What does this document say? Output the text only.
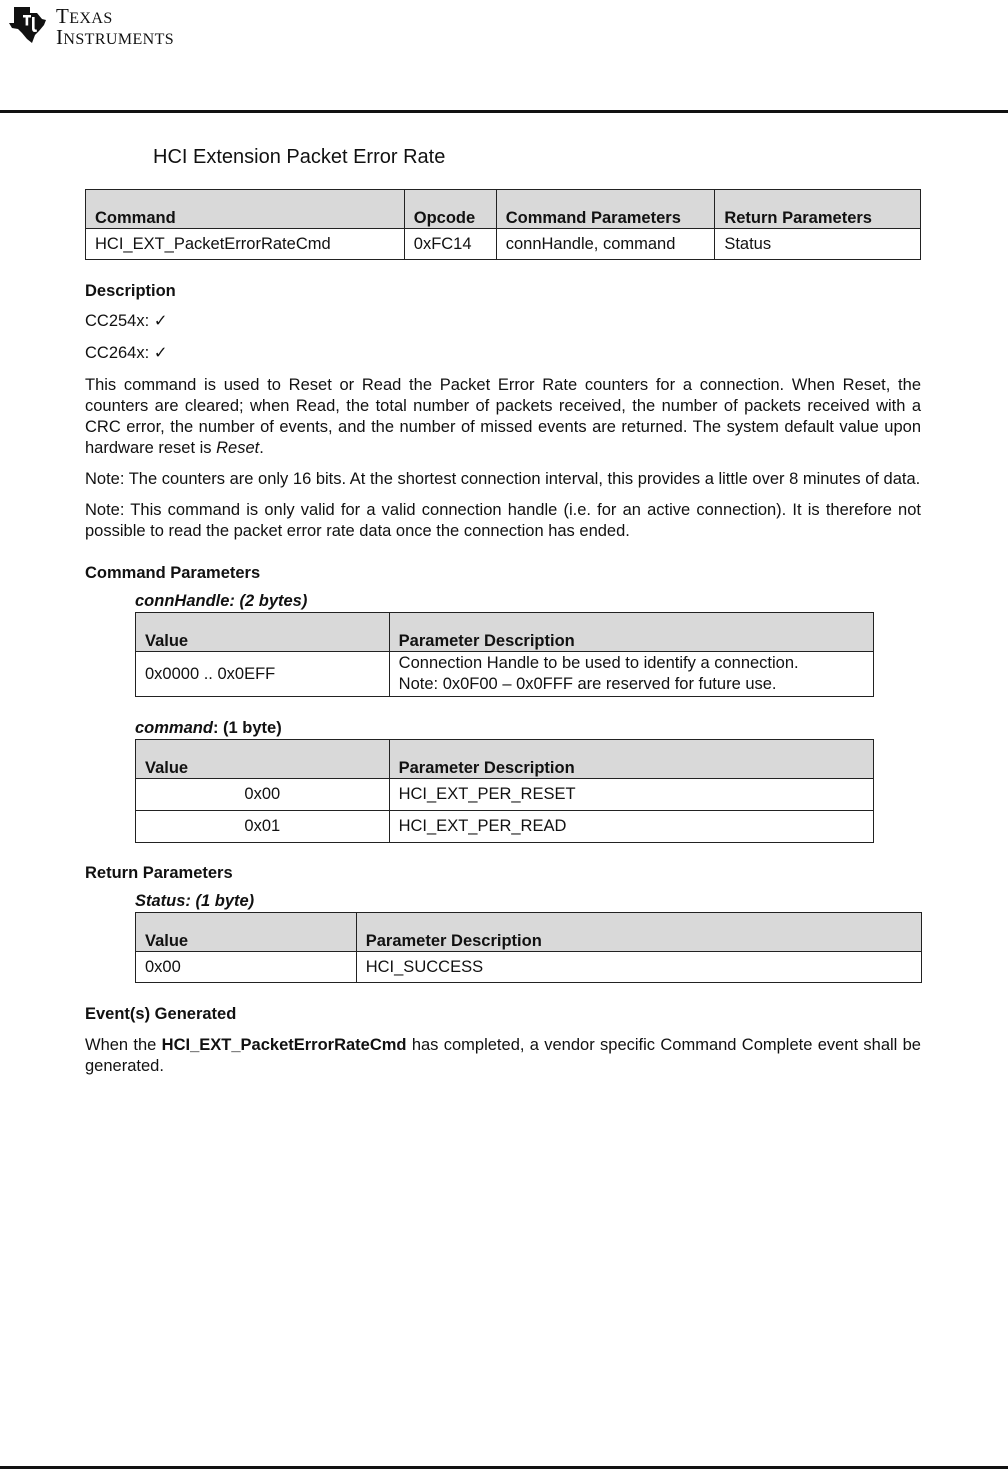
TEXAS
INSTRUMENTS
HCI Extension Packet Error Rate
Command	Opcode	Command Parameters	Return Parameters
HCI_EXT_PacketErrorRateCmd	0xFC14	connHandle, command	Status
Description

CC254x: ✓

CC264x: ✓

This command is used to Reset or Read the Packet Error Rate counters for a connection. When Reset, the counters are cleared; when Read, the total number of packets received, the number of packets received with a CRC error, the number of events, and the number of missed events are returned. The system default value upon hardware reset is Reset.

Note: The counters are only 16 bits. At the shortest connection interval, this provides a little over 8 minutes of data.

Note: This command is only valid for a valid connection handle (i.e. for an active connection). It is therefore not possible to read the packet error rate data once the connection has ended.

Command Parameters
connHandle: (2 bytes)
Value	Parameter Description
0x0000 .. 0x0EFF	Connection Handle to be used to identify a connection.
Note: 0x0F00 – 0x0FFF are reserved for future use.
command: (1 byte)
Value	Parameter Description
0x00	HCI_EXT_PER_RESET
0x01	HCI_EXT_PER_READ
Return Parameters
Status: (1 byte)
Value	Parameter Description
0x00	HCI_SUCCESS
Event(s) Generated

When the HCI_EXT_PacketErrorRateCmd has completed, a vendor specific Command Complete event shall be generated.
